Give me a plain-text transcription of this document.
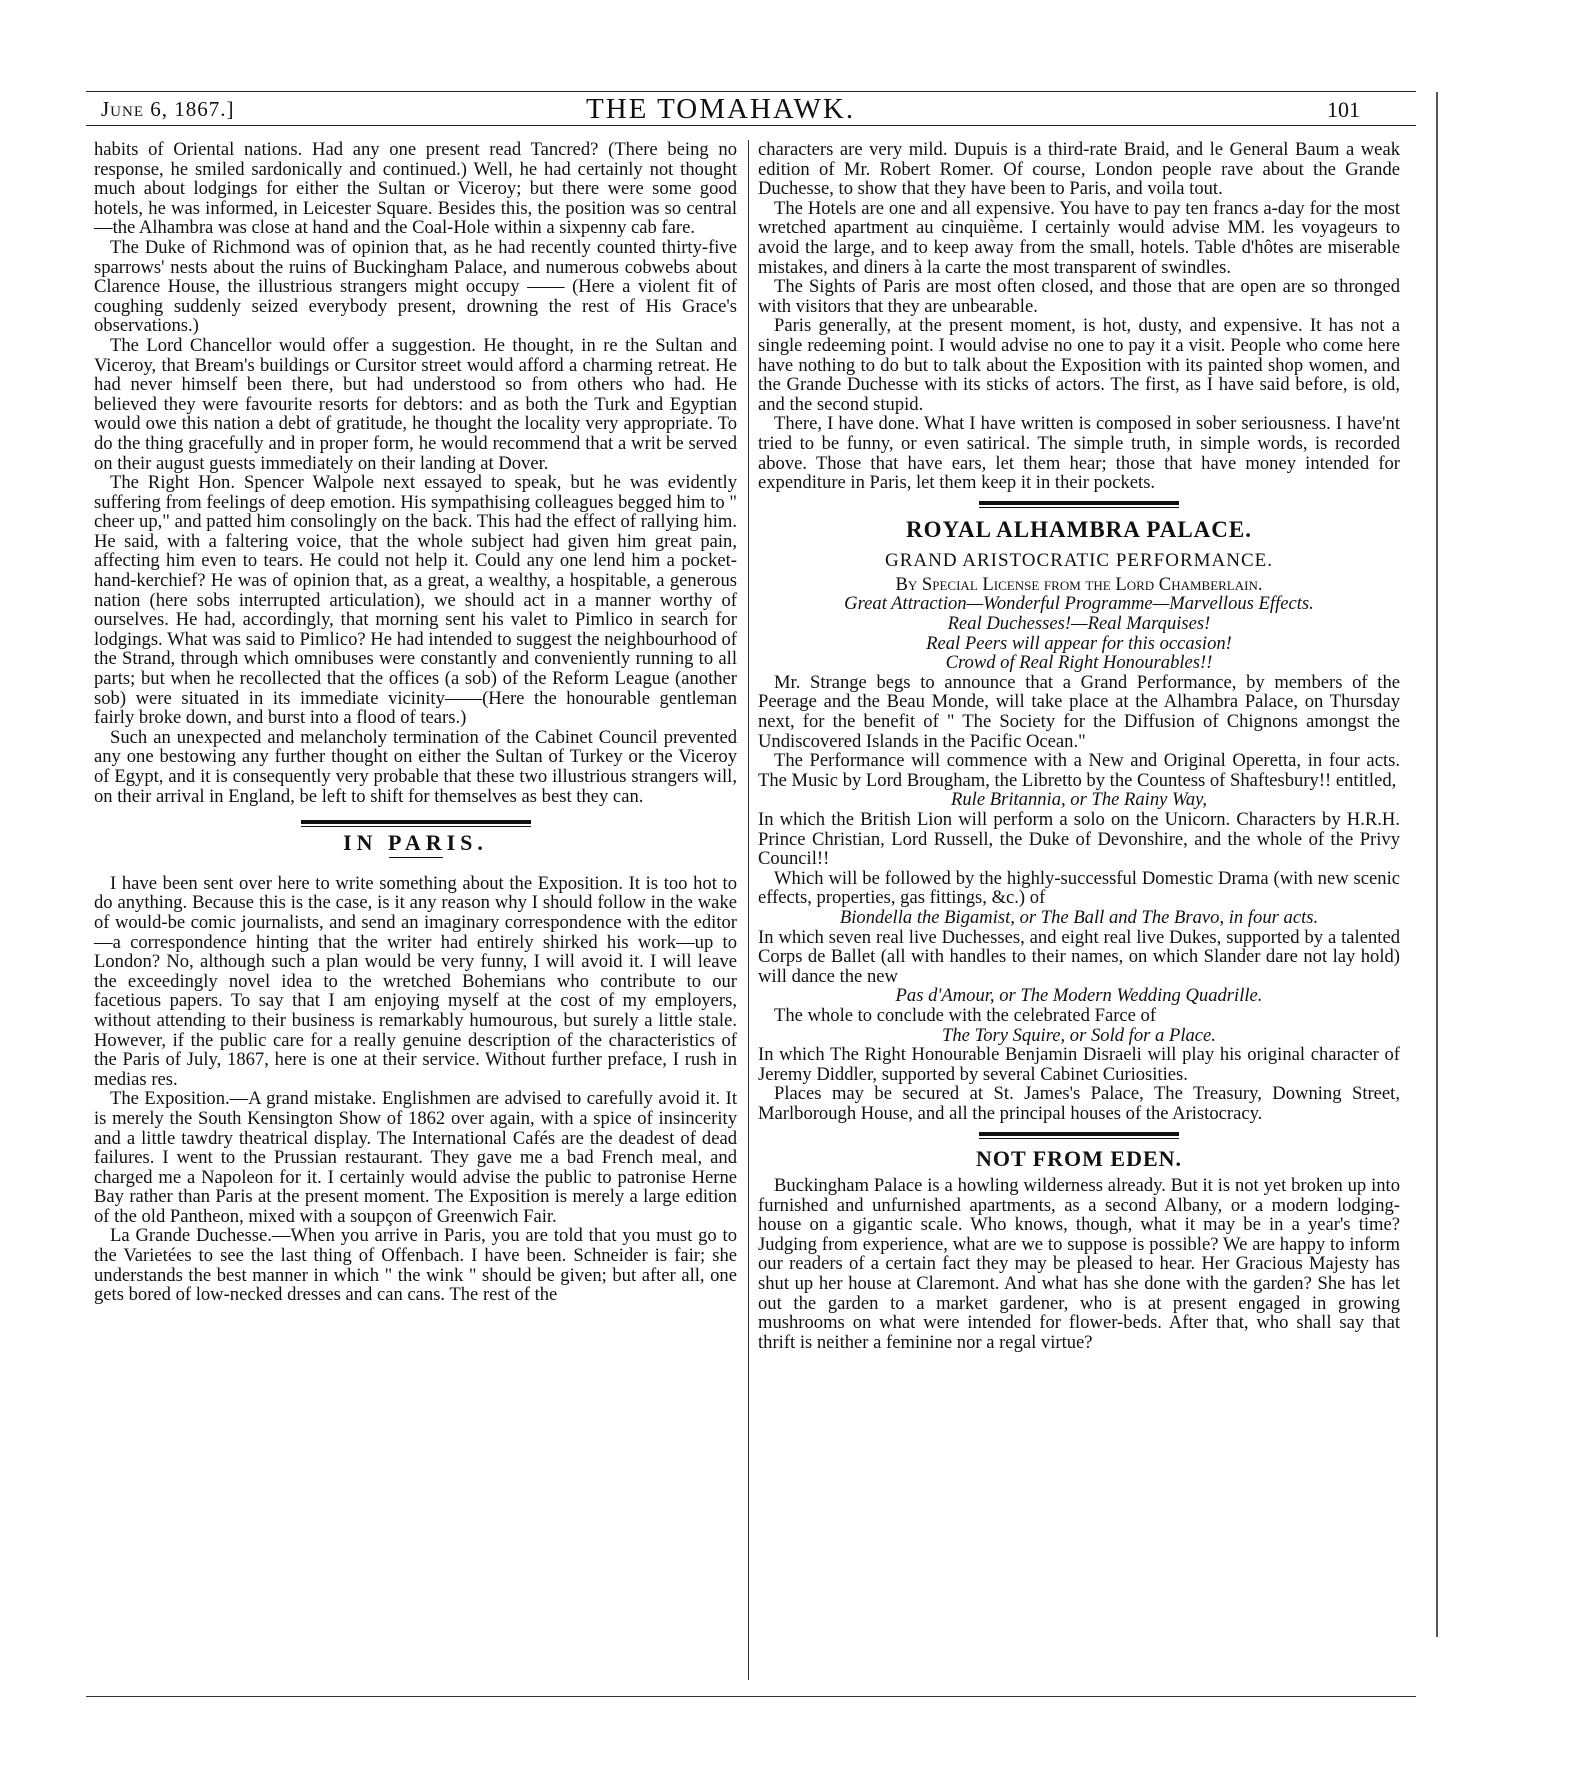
June 6, 1867.]	THE TOMAHAWK.	101

habits of Oriental nations. Had any one present read Tancred? (There being no response, he smiled sardonically and continued.) Well, he had certainly not thought much about lodgings for either the Sultan or Viceroy; but there were some good hotels, he was informed, in Leicester Square. Besides this, the position was so central—the Alhambra was close at hand and the Coal-Hole within a sixpenny cab fare.

The Duke of Richmond was of opinion that, as he had recently counted thirty-five sparrows' nests about the ruins of Buckingham Palace, and numerous cobwebs about Clarence House, the illustrious strangers might occupy —— (Here a violent fit of coughing suddenly seized everybody present, drowning the rest of His Grace's observations.)

The Lord Chancellor would offer a suggestion. He thought, in re the Sultan and Viceroy, that Bream's buildings or Cursitor street would afford a charming retreat. He had never himself been there, but had understood so from others who had. He believed they were favourite resorts for debtors: and as both the Turk and Egyptian would owe this nation a debt of gratitude, he thought the locality very appropriate. To do the thing gracefully and in proper form, he would recommend that a writ be served on their august guests immediately on their landing at Dover.

The Right Hon. Spencer Walpole next essayed to speak, but he was evidently suffering from feelings of deep emotion. His sympathising colleagues begged him to " cheer up," and patted him consolingly on the back. This had the effect of rallying him. He said, with a faltering voice, that the whole subject had given him great pain, affecting him even to tears. He could not help it. Could any one lend him a pocket-hand-kerchief? He was of opinion that, as a great, a wealthy, a hospitable, a generous nation (here sobs interrupted articulation), we should act in a manner worthy of ourselves. He had, accordingly, that morning sent his valet to Pimlico in search for lodgings. What was said to Pimlico? He had intended to suggest the neighbourhood of the Strand, through which omnibuses were constantly and conveniently running to all parts; but when he recollected that the offices (a sob) of the Reform League (another sob) were situated in its immediate vicinity——(Here the honourable gentleman fairly broke down, and burst into a flood of tears.)

Such an unexpected and melancholy termination of the Cabinet Council prevented any one bestowing any further thought on either the Sultan of Turkey or the Viceroy of Egypt, and it is consequently very probable that these two illustrious strangers will, on their arrival in England, be left to shift for themselves as best they can.

IN PARIS.

I have been sent over here to write something about the Exposition. It is too hot to do anything. Because this is the case, is it any reason why I should follow in the wake of would-be comic journalists, and send an imaginary correspondence with the editor—a correspondence hinting that the writer had entirely shirked his work—up to London? No, although such a plan would be very funny, I will avoid it. I will leave the exceedingly novel idea to the wretched Bohemians who contribute to our facetious papers. To say that I am enjoying myself at the cost of my employers, without attending to their business is remarkably humourous, but surely a little stale. However, if the public care for a really genuine description of the characteristics of the Paris of July, 1867, here is one at their service. Without further preface, I rush in medias res.

The Exposition.—A grand mistake. Englishmen are advised to carefully avoid it. It is merely the South Kensington Show of 1862 over again, with a spice of insincerity and a little tawdry theatrical display. The International Cafés are the deadest of dead failures. I went to the Prussian restaurant. They gave me a bad French meal, and charged me a Napoleon for it. I certainly would advise the public to patronise Herne Bay rather than Paris at the present moment. The Exposition is merely a large edition of the old Pantheon, mixed with a soupçon of Greenwich Fair.

La Grande Duchesse.—When you arrive in Paris, you are told that you must go to the Varietées to see the last thing of Offenbach. I have been. Schneider is fair; she understands the best manner in which " the wink " should be given; but after all, one gets bored of low-necked dresses and can cans. The rest of the

characters are very mild. Dupuis is a third-rate Braid, and le General Baum a weak edition of Mr. Robert Romer. Of course, London people rave about the Grande Duchesse, to show that they have been to Paris, and voila tout.

The Hotels are one and all expensive. You have to pay ten francs a-day for the most wretched apartment au cinquième. I certainly would advise MM. les voyageurs to avoid the large, and to keep away from the small, hotels. Table d'hôtes are miserable mistakes, and diners à la carte the most transparent of swindles.

The Sights of Paris are most often closed, and those that are open are so thronged with visitors that they are unbearable.

Paris generally, at the present moment, is hot, dusty, and expensive. It has not a single redeeming point. I would advise no one to pay it a visit. People who come here have nothing to do but to talk about the Exposition with its painted shop women, and the Grande Duchesse with its sticks of actors. The first, as I have said before, is old, and the second stupid.

There, I have done. What I have written is composed in sober seriousness. I have'nt tried to be funny, or even satirical. The simple truth, in simple words, is recorded above. Those that have ears, let them hear; those that have money intended for expenditure in Paris, let them keep it in their pockets.

ROYAL ALHAMBRA PALACE.
GRAND ARISTOCRATIC PERFORMANCE.

By Special License from the Lord Chamberlain.

Great Attraction—Wonderful Programme—Marvellous Effects.

Real Duchesses!—Real Marquises!

Real Peers will appear for this occasion!

Crowd of Real Right Honourables!!

Mr. Strange begs to announce that a Grand Performance, by members of the Peerage and the Beau Monde, will take place at the Alhambra Palace, on Thursday next, for the benefit of " The Society for the Diffusion of Chignons amongst the Undiscovered Islands in the Pacific Ocean."

The Performance will commence with a New and Original Operetta, in four acts. The Music by Lord Brougham, the Libretto by the Countess of Shaftesbury!! entitled,

Rule Britannia, or The Rainy Way,

In which the British Lion will perform a solo on the Unicorn. Characters by H.R.H. Prince Christian, Lord Russell, the Duke of Devonshire, and the whole of the Privy Council!!

Which will be followed by the highly-successful Domestic Drama (with new scenic effects, properties, gas fittings, &c.) of

Biondella the Bigamist, or The Ball and The Bravo, in four acts.

In which seven real live Duchesses, and eight real live Dukes, supported by a talented Corps de Ballet (all with handles to their names, on which Slander dare not lay hold) will dance the new

Pas d'Amour, or The Modern Wedding Quadrille.

The whole to conclude with the celebrated Farce of

The Tory Squire, or Sold for a Place.

In which The Right Honourable Benjamin Disraeli will play his original character of Jeremy Diddler, supported by several Cabinet Curiosities.

Places may be secured at St. James's Palace, The Treasury, Downing Street, Marlborough House, and all the principal houses of the Aristocracy.

NOT FROM EDEN.

Buckingham Palace is a howling wilderness already. But it is not yet broken up into furnished and unfurnished apartments, as a second Albany, or a modern lodging-house on a gigantic scale. Who knows, though, what it may be in a year's time? Judging from experience, what are we to suppose is possible? We are happy to inform our readers of a certain fact they may be pleased to hear. Her Gracious Majesty has shut up her house at Claremont. And what has she done with the garden? She has let out the garden to a market gardener, who is at present engaged in growing mushrooms on what were intended for flower-beds. After that, who shall say that thrift is neither a feminine nor a regal virtue?
